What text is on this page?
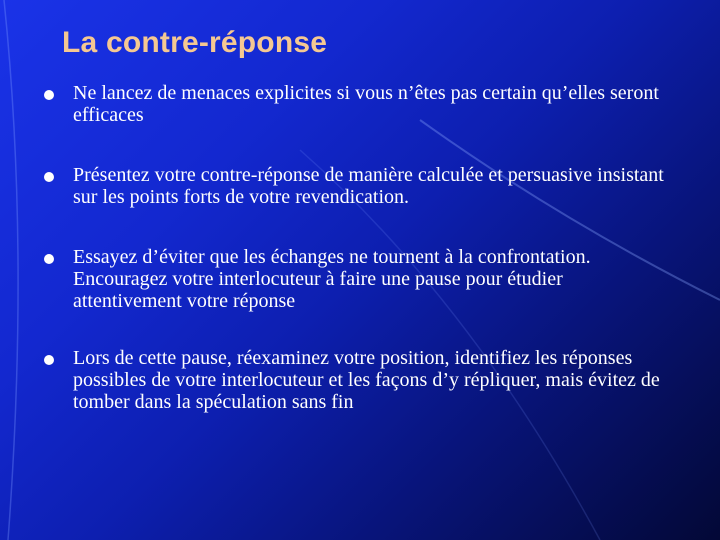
La contre-réponse
Ne lancez de menaces explicites si vous n’êtes pas certain qu’elles seront efficaces
Présentez votre contre-réponse de manière calculée et persuasive insistant sur les points forts de votre revendication.
Essayez d’éviter que les échanges ne tournent à la confrontation. Encouragez votre interlocuteur à faire une pause pour étudier attentivement votre réponse
Lors de cette pause, réexaminez votre position, identifiez les réponses possibles de votre interlocuteur et les façons d’y répliquer, mais évitez de tomber dans la spéculation sans fin
